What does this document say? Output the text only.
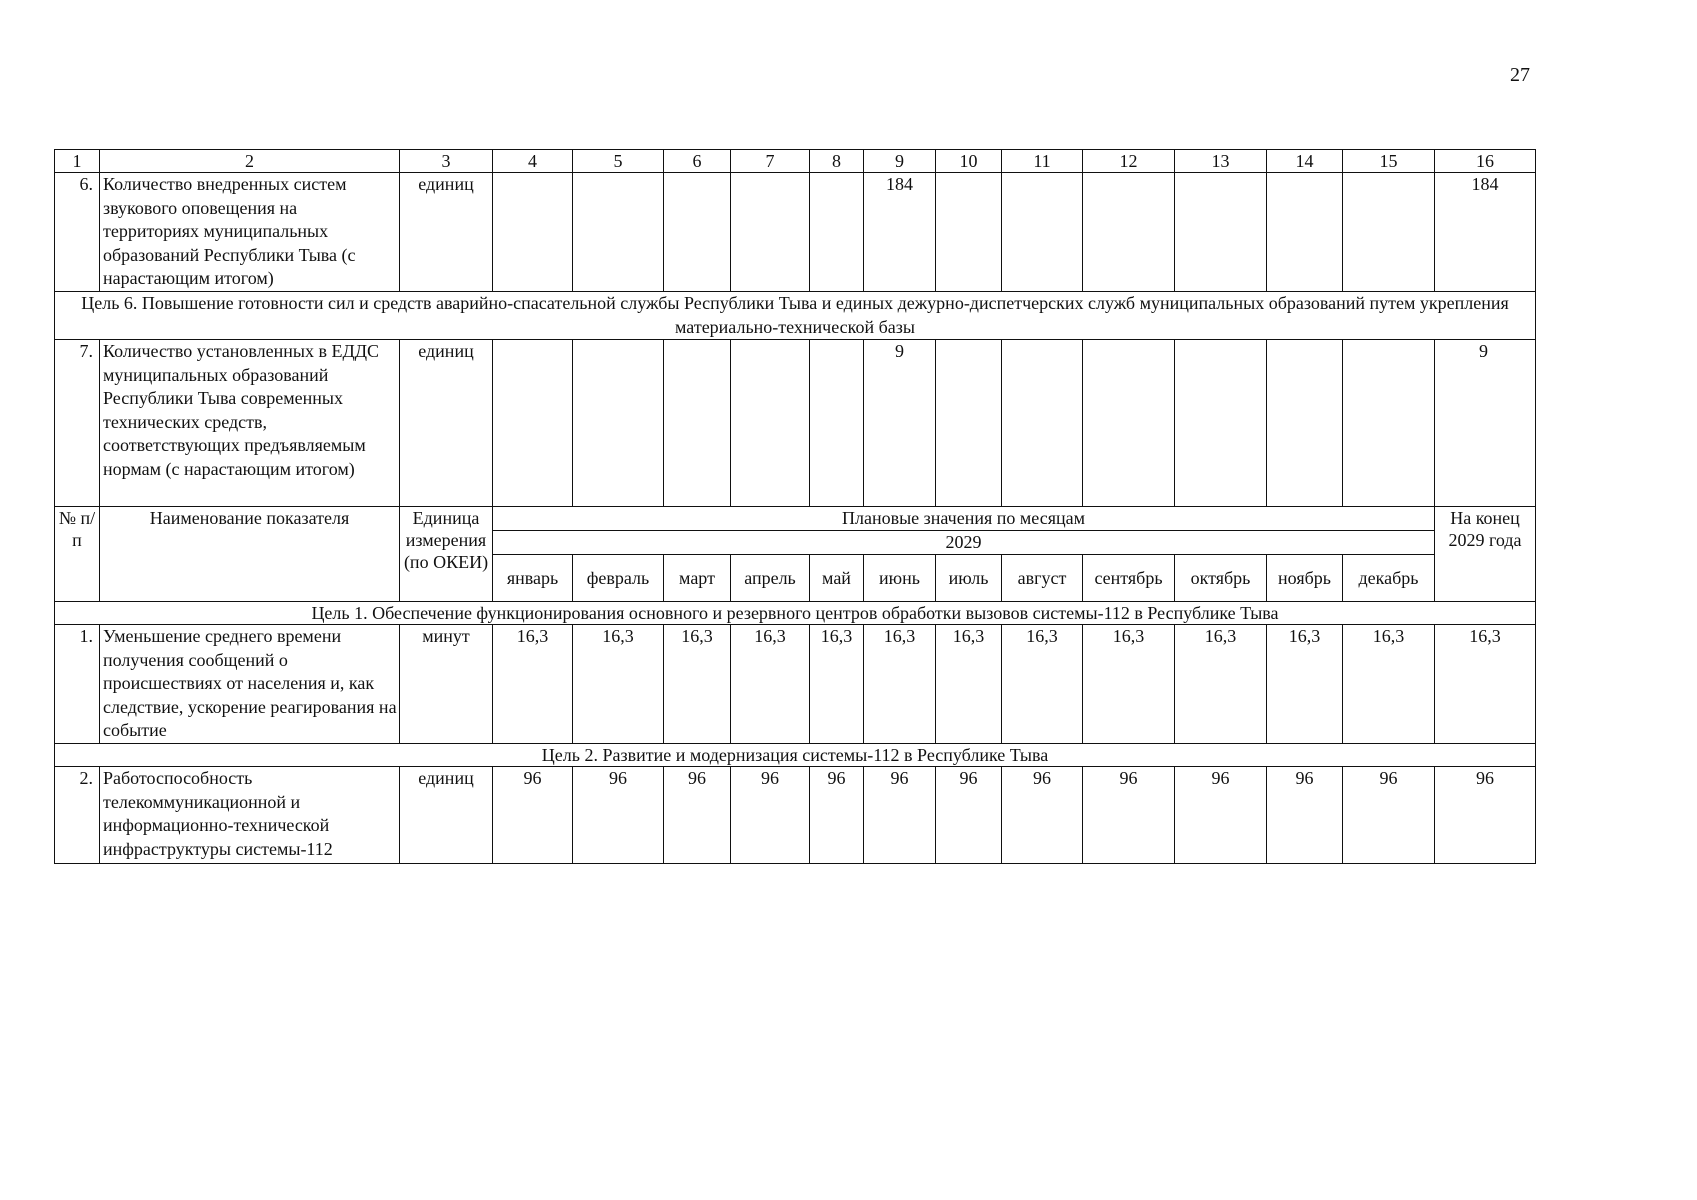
27
1	2	3	4	5	6	7	8	9	10	11	12	13	14	15	16
6.	Количество внедренных систем звукового оповещения на территориях муниципальных образований Республики Тыва (с нарастающим итогом)	единиц						184							184
Цель 6. Повышение готовности сил и средств аварийно-спасательной службы Республики Тыва и единых дежурно-диспетчерских служб муниципальных образований путем укрепления материально-технической базы															
7.	Количество установленных в ЕДДС муниципальных образований Республики Тыва современных технических средств, соответствующих предъявляемым нормам (с нарастающим итогом)	единиц						9							9
№ п/п	Наименование показателя	Единица измерения (по ОКЕИ)	Плановые значения по месяцам												На конец 2029 года
			2029												
			январь	февраль	март	апрель	май	июнь	июль	август	сентябрь	октябрь	ноябрь	декабрь	
Цель 1. Обеспечение функционирования основного и резервного центров обработки вызовов системы-112 в Республике Тыва															
1.	Уменьшение среднего времени получения сообщений о происшествиях от населения и, как следствие, ускорение реагирования на событие	минут	16,3	16,3	16,3	16,3	16,3	16,3	16,3	16,3	16,3	16,3	16,3	16,3	16,3
Цель 2. Развитие и модернизация системы-112 в Республике Тыва															
2.	Работоспособность телекоммуникационной и информационно-технической инфраструктуры системы-112	единиц	96	96	96	96	96	96	96	96	96	96	96	96	96
